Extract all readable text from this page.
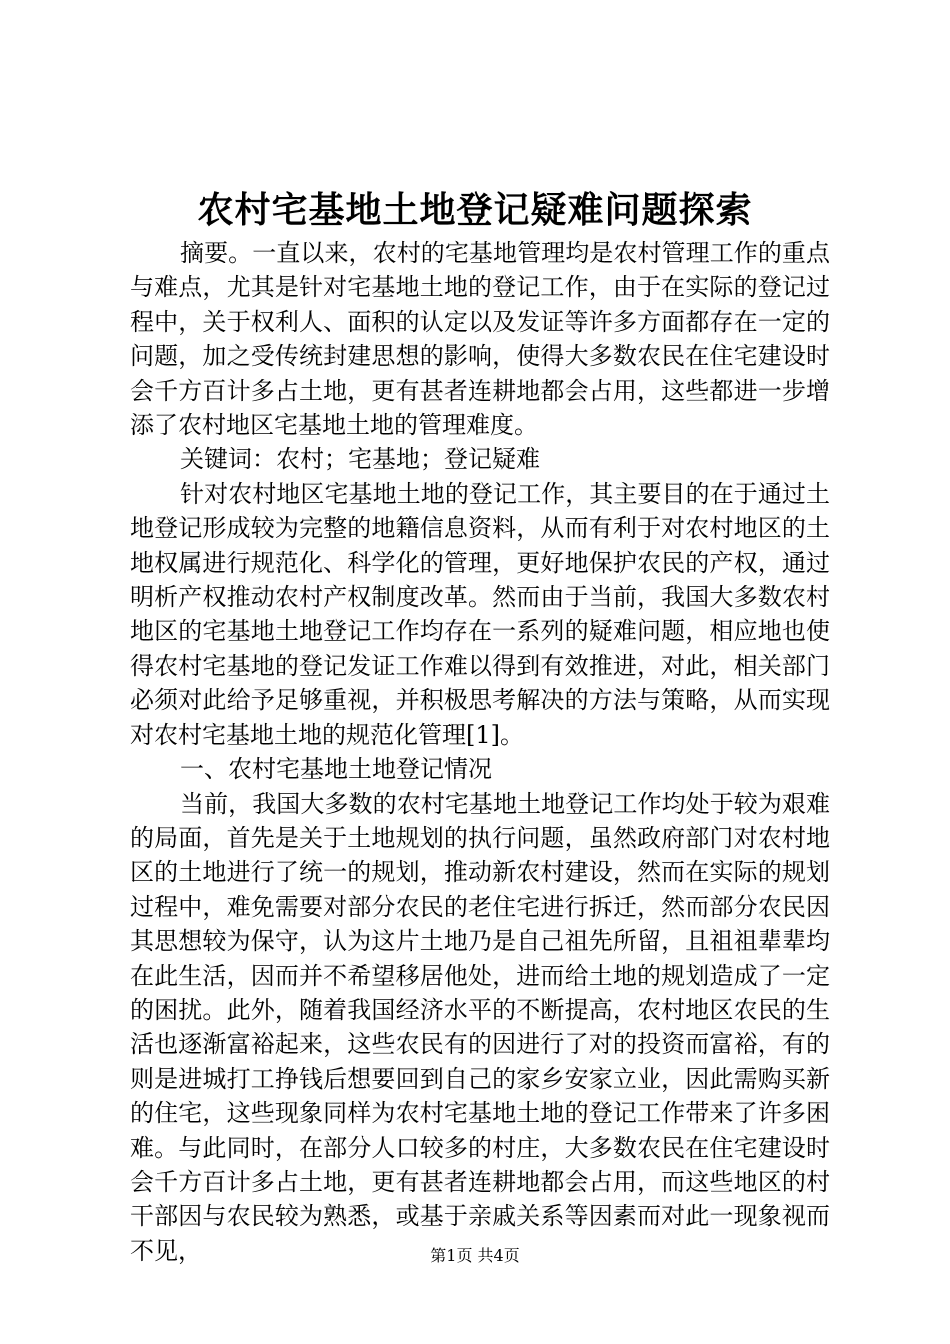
农村宅基地土地登记疑难问题探索

摘要。一直以来，农村的宅基地管理均是农村管理工作的重点与难点，尤其是针对宅基地土地的登记工作，由于在实际的登记过程中，关于权利人、面积的认定以及发证等许多方面都存在一定的问题，加之受传统封建思想的影响，使得大多数农民在住宅建设时会千方百计多占土地，更有甚者连耕地都会占用，这些都进一步增添了农村地区宅基地土地的管理难度。

关键词：农村；宅基地；登记疑难

针对农村地区宅基地土地的登记工作，其主要目的在于通过土地登记形成较为完整的地籍信息资料，从而有利于对农村地区的土地权属进行规范化、科学化的管理，更好地保护农民的产权，通过明析产权推动农村产权制度改革。然而由于当前，我国大多数农村地区的宅基地土地登记工作均存在一系列的疑难问题，相应地也使得农村宅基地的登记发证工作难以得到有效推进，对此，相关部门必须对此给予足够重视，并积极思考解决的方法与策略，从而实现对农村宅基地土地的规范化管理[1]。

一、农村宅基地土地登记情况

当前，我国大多数的农村宅基地土地登记工作均处于较为艰难的局面，首先是关于土地规划的执行问题，虽然政府部门对农村地区的土地进行了统一的规划，推动新农村建设，然而在实际的规划过程中，难免需要对部分农民的老住宅进行拆迁，然而部分农民因其思想较为保守，认为这片土地乃是自己祖先所留，且祖祖辈辈均在此生活，因而并不希望移居他处，进而给土地的规划造成了一定的困扰。此外，随着我国经济水平的不断提高，农村地区农民的生活也逐渐富裕起来，这些农民有的因进行了对的投资而富裕，有的则是进城打工挣钱后想要回到自己的家乡安家立业，因此需购买新的住宅，这些现象同样为农村宅基地土地的登记工作带来了许多困难。与此同时，在部分人口较多的村庄，大多数农民在住宅建设时会千方百计多占土地，更有甚者连耕地都会占用，而这些地区的村干部因与农民较为熟悉，或基于亲戚关系等因素而对此一现象视而不见，	第1页 共4页
